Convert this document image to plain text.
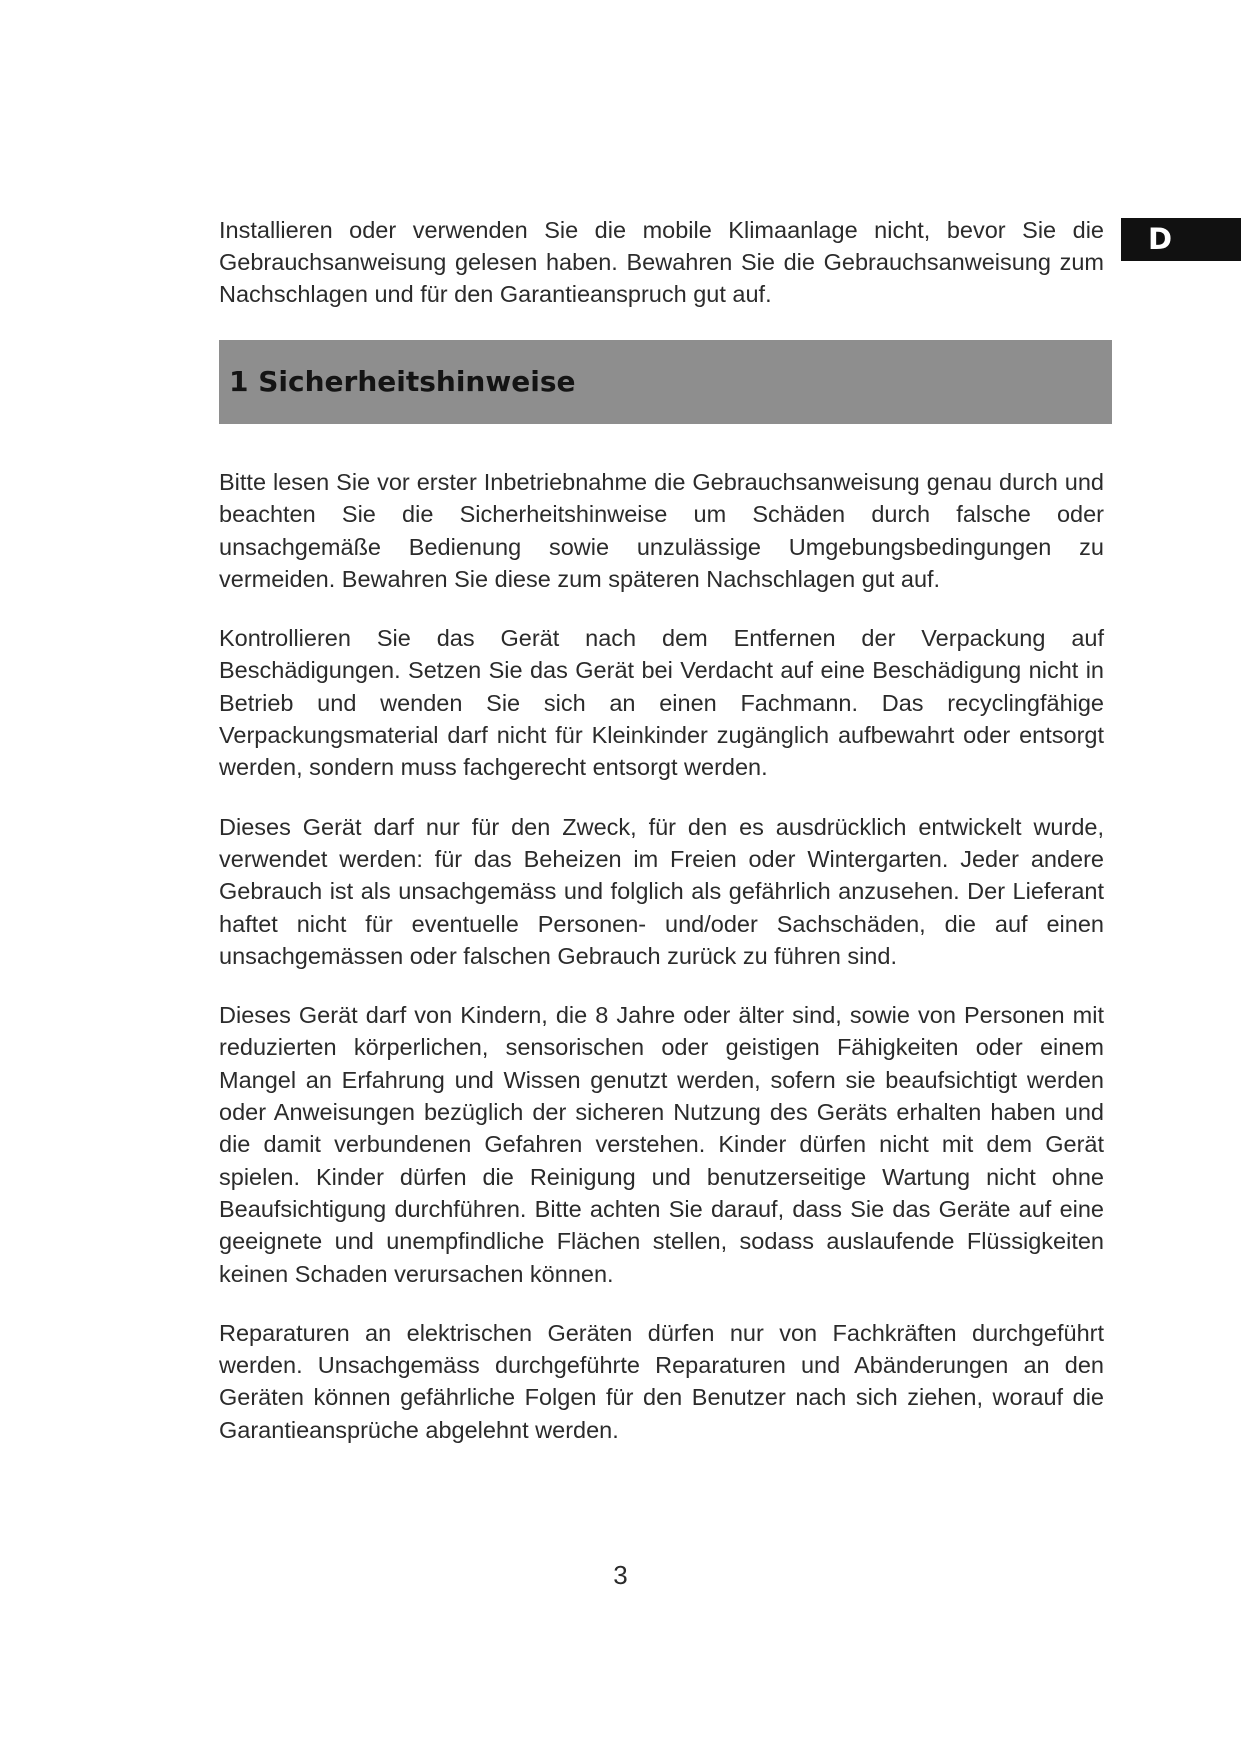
D

Installieren oder verwenden Sie die mobile Klimaanlage nicht, bevor Sie die Gebrauchsanweisung gelesen haben. Bewahren Sie die Gebrauchsanweisung zum Nachschlagen und für den Garantieanspruch gut auf.

1 Sicherheitshinweise

Bitte lesen Sie vor erster Inbetriebnahme die Gebrauchsanweisung genau durch und beachten Sie die Sicherheitshinweise um Schäden durch falsche oder unsachgemäße Bedienung sowie unzulässige Umgebungsbedingungen zu vermeiden. Bewahren Sie diese zum späteren Nachschlagen gut auf.

Kontrollieren Sie das Gerät nach dem Entfernen der Verpackung auf Beschädigungen. Setzen Sie das Gerät bei Verdacht auf eine Beschädigung nicht in Betrieb und wenden Sie sich an einen Fachmann. Das recyclingfähige Verpackungsmaterial darf nicht für Kleinkinder zugänglich aufbewahrt oder entsorgt werden, sondern muss fachgerecht entsorgt werden.

Dieses Gerät darf nur für den Zweck, für den es ausdrücklich entwickelt wurde, verwendet werden: für das Beheizen im Freien oder Wintergarten. Jeder andere Gebrauch ist als unsachgemäss und folglich als gefährlich anzusehen. Der Lieferant haftet nicht für eventuelle Personen- und/oder Sachschäden, die auf einen unsachgemässen oder falschen Gebrauch zurück zu führen sind.

Dieses Gerät darf von Kindern, die 8 Jahre oder älter sind, sowie von Personen mit reduzierten körperlichen, sensorischen oder geistigen Fähigkeiten oder einem Mangel an Erfahrung und Wissen genutzt werden, sofern sie beaufsichtigt werden oder Anweisungen bezüglich der sicheren Nutzung des Geräts erhalten haben und die damit verbundenen Gefahren verstehen. Kinder dürfen nicht mit dem Gerät spielen. Kinder dürfen die Reinigung und benutzerseitige Wartung nicht ohne Beaufsichtigung durchführen. Bitte achten Sie darauf, dass Sie das Geräte auf eine geeignete und unempfindliche Flächen stellen, sodass auslaufende Flüssigkeiten keinen Schaden verursachen können.

Reparaturen an elektrischen Geräten dürfen nur von Fachkräften durchgeführt werden. Unsachgemäss durchgeführte Reparaturen und Abänderungen an den Geräten können gefährliche Folgen für den Benutzer nach sich ziehen, worauf die Garantieansprüche abgelehnt werden.

3
